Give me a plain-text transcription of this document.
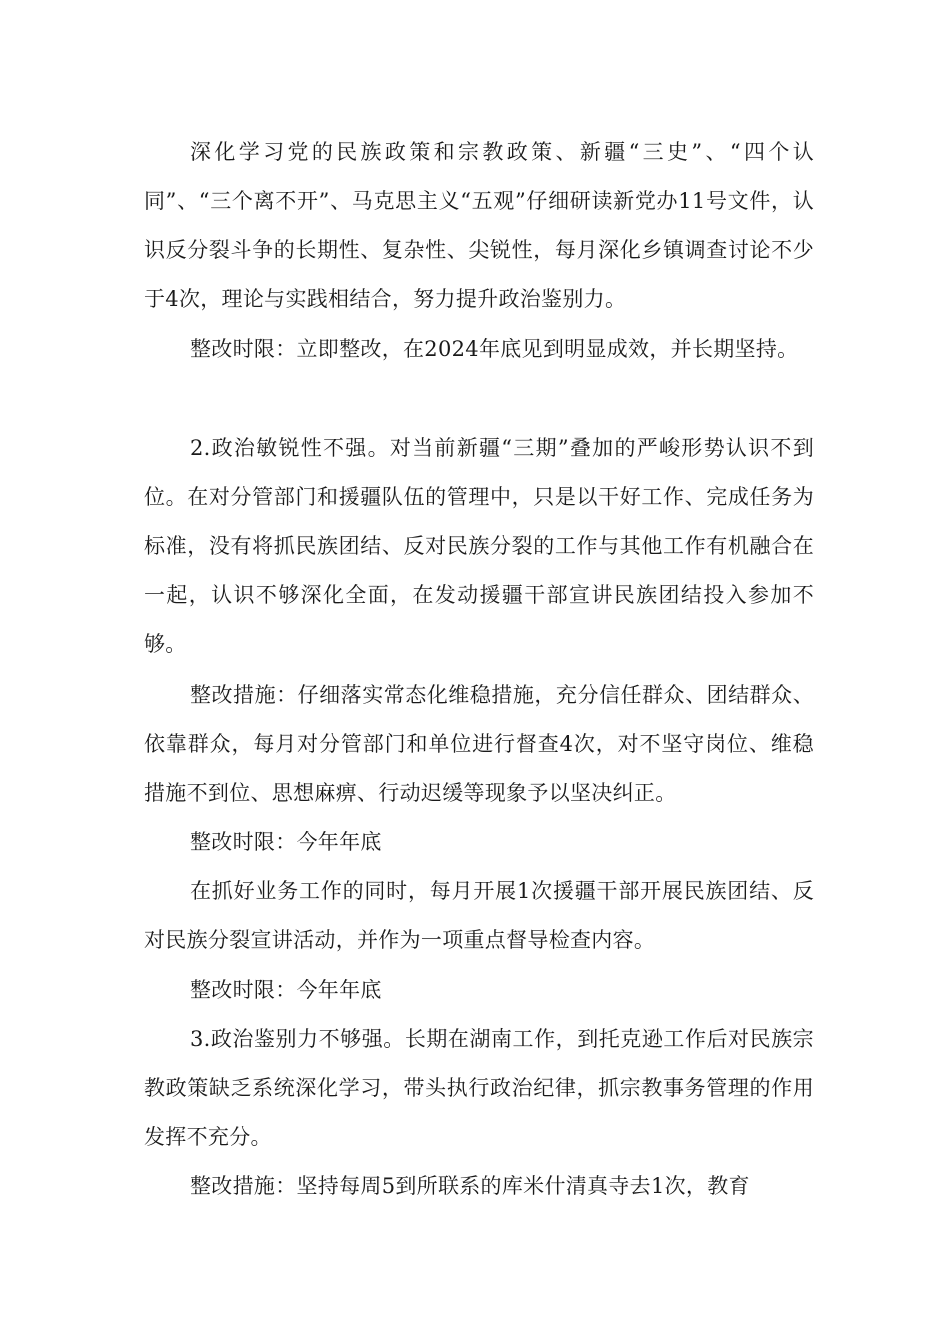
深化学习党的民族政策和宗教政策、新疆“三史”、“四个认同”、“三个离不开”、马克思主义“五观”仔细研读新党办11号文件，认识反分裂斗争的长期性、复杂性、尖锐性，每月深化乡镇调查讨论不少于4次，理论与实践相结合，努力提升政治鉴别力。

整改时限：立即整改，在2024年底见到明显成效，并长期坚持。

2.政治敏锐性不强。对当前新疆“三期”叠加的严峻形势认识不到位。在对分管部门和援疆队伍的管理中，只是以干好工作、完成任务为标准，没有将抓民族团结、反对民族分裂的工作与其他工作有机融合在一起，认识不够深化全面，在发动援疆干部宣讲民族团结投入参加不够。

整改措施：仔细落实常态化维稳措施，充分信任群众、团结群众、依靠群众，每月对分管部门和单位进行督查4次，对不坚守岗位、维稳措施不到位、思想麻痹、行动迟缓等现象予以坚决纠正。

整改时限：今年年底

在抓好业务工作的同时，每月开展1次援疆干部开展民族团结、反对民族分裂宣讲活动，并作为一项重点督导检查内容。

整改时限：今年年底

3.政治鉴别力不够强。长期在湖南工作，到托克逊工作后对民族宗教政策缺乏系统深化学习，带头执行政治纪律，抓宗教事务管理的作用发挥不充分。

整改措施：坚持每周5到所联系的库米什清真寺去1次，教育
